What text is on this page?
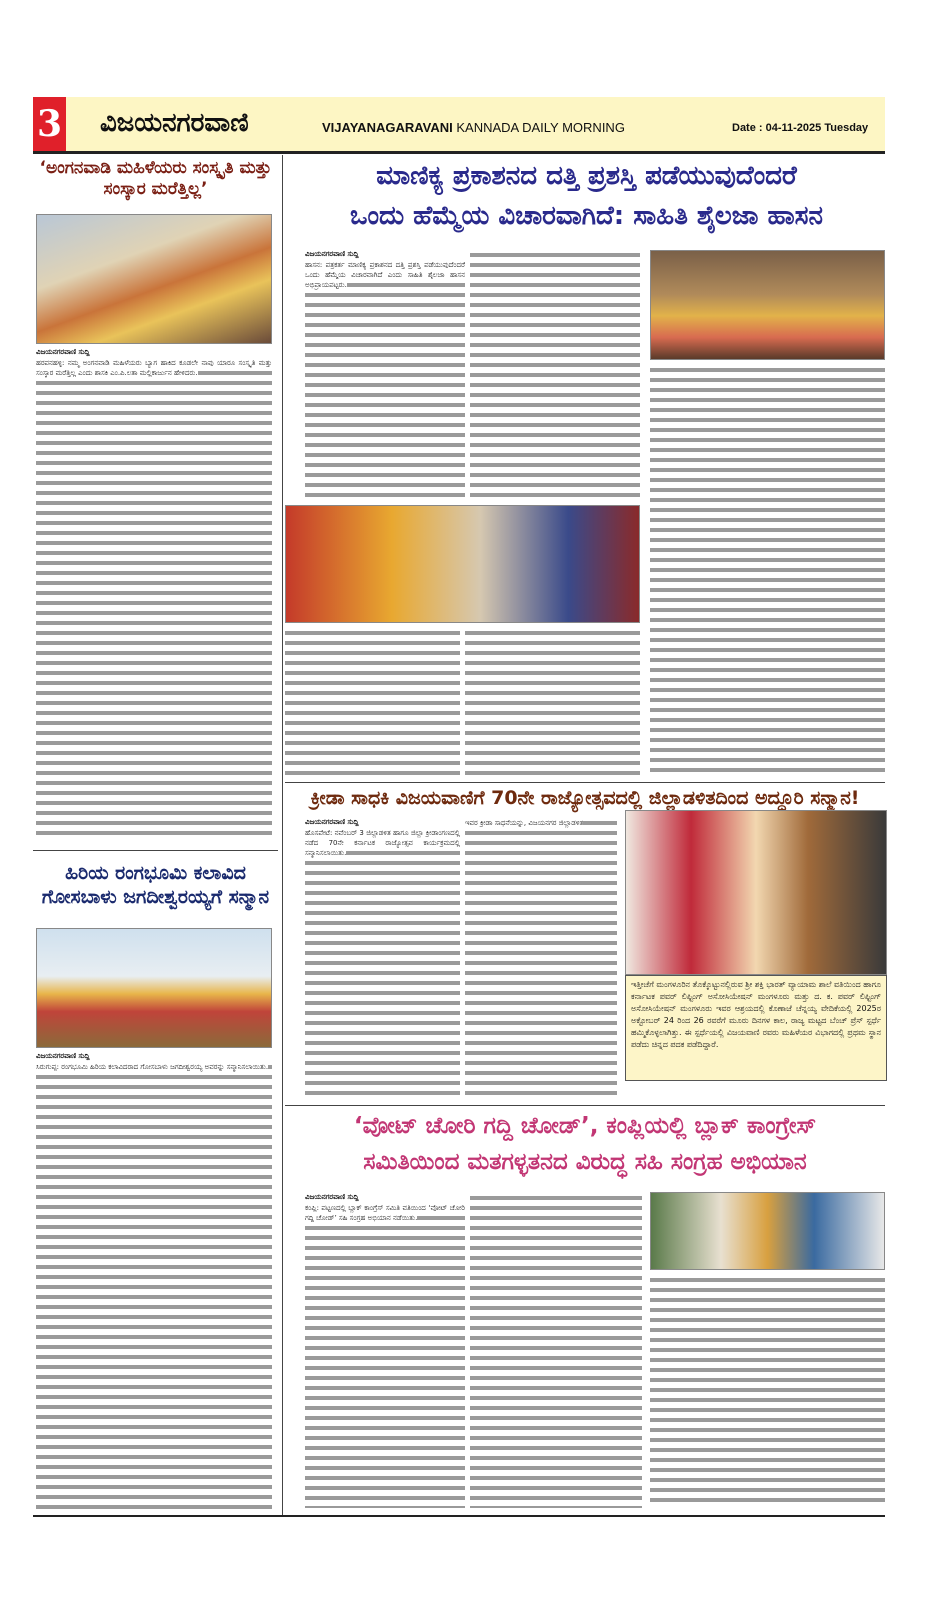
3 ವಿಜಯನಗರವಾಣಿ	VIJAYANAGARAVANI KANNADA DAILY MORNING	Date : 04-11-2025 Tuesday
‘ಅಂಗನವಾಡಿ ಮಹಿಳೆಯರು ಸಂಸ್ಕೃತಿ ಮತ್ತು ಸಂಸ್ಕಾರ ಮರೆತ್ತಿಲ್ಲ’
ವಿಜಯನಗರವಾಣಿ ಸುದ್ದಿ
ಹರಪನಹಳ್ಳಿ: ನಮ್ಮ ಅಂಗನವಾಡಿ ಮಹಿಳೆಯರು ಬ್ಯಾಗ ಹಾಕಿದ ಕೂಡಲೇ ನಾವು ಯಾರೂ ಸಂಸ್ಕೃತಿ ಮತ್ತು ಸಂಸ್ಕಾರ ಮರೆತ್ತಿಲ್ಲ ಎಂದು ಶಾಸಕಿ ಎಂ.ಪಿ.ಲತಾ ಮಲ್ಲಿಕಾರ್ಜುನ ಹೇಳಿದರು.
ಹಿರಿಯ ರಂಗಭೂಮಿ ಕಲಾವಿದ ಗೋಸಬಾಳು ಜಗದೀಶ್ವರಯ್ಯಗೆ ಸನ್ಮಾನ
ವಿಜಯನಗರವಾಣಿ ಸುದ್ದಿ
ಸಿರುಗುಪ್ಪ: ರಂಗಭೂಮಿ ಹಿರಿಯ ಕಲಾವಿದರಾದ ಗೋಸಬಾಳು ಜಗದೀಶ್ವರಯ್ಯ ಅವರನ್ನು ಸನ್ಮಾನಿಸಲಾಯಿತು.
ಮಾಣಿಕ್ಯ ಪ್ರಕಾಶನದ ದತ್ತಿ ಪ್ರಶಸ್ತಿ ಪಡೆಯುವುದೆಂದರೆ
ಒಂದು ಹೆಮ್ಮೆಯ ವಿಚಾರವಾಗಿದೆ: ಸಾಹಿತಿ ಶೈಲಜಾ ಹಾಸನ
ವಿಜಯನಗರವಾಣಿ ಸುದ್ದಿ
ಹಾಸನ: ಪತ್ರಕರ್ತ ಮಾಣಿಕ್ಯ ಪ್ರಕಾಶನದ ದತ್ತಿ ಪ್ರಶಸ್ತಿ ಪಡೆಯುವುದೆಂದರೆ ಒಂದು ಹೆಮ್ಮೆಯ ವಿಚಾರವಾಗಿದೆ ಎಂದು ಸಾಹಿತಿ ಶೈಲಜಾ ಹಾಸನ ಅಭಿಪ್ರಾಯಪಟ್ಟರು.
ಕ್ರೀಡಾ ಸಾಧಕಿ ವಿಜಯವಾಣಿಗೆ 70ನೇ ರಾಜ್ಯೋತ್ಸವದಲ್ಲಿ ಜಿಲ್ಲಾಡಳಿತದಿಂದ ಅದ್ದೂರಿ ಸನ್ಮಾನ!
ವಿಜಯನಗರವಾಣಿ ಸುದ್ದಿ
ಹೊಸಪೇಟೆ: ನವೆಂಬರ್ 3 ಜಿಲ್ಲಾಡಳಿತ ಹಾಗೂ ಜಿಲ್ಲಾ ಕ್ರೀಡಾಂಗಣದಲ್ಲಿ ನಡೆದ 70ನೇ ಕರ್ನಾಟಕ ರಾಜ್ಯೋತ್ಸವ ಕಾರ್ಯಕ್ರಮದಲ್ಲಿ ಸನ್ಮಾನಿಸಲಾಯಿತು.
ಇವರ ಕ್ರೀಡಾ ಸಾಧನೆಯನ್ನು, ವಿಜಯನಗರ ಜಿಲ್ಲಾಡಳಿತ
ಇತ್ತೀಚೆಗೆ ಮಂಗಳೂರಿನ ತೊಕ್ಕೊಟ್ಟುನಲ್ಲಿರುವ ಶ್ರೀ ಶಕ್ತಿ ಭಾರತ್ ವ್ಯಾಯಾಮ ಶಾಲೆ ವತಿಯಿಂದ ಹಾಗೂ ಕರ್ನಾಟಕ ಪವರ್ ಲಿಫ್ಟಿಂಗ್ ಅಸೋಸಿಯೇಷನ್ ಮಂಗಳೂರು ಮತ್ತು ದ. ಕ. ಪವರ್ ಲಿಫ್ಟಿಂಗ್ ಅಸೋಸಿಯೇಷನ್ ಮಂಗಳೂರು ಇವರ ಆಶ್ರಯದಲ್ಲಿ ಕೊಣಾಜೆ ಚೆನ್ನಯ್ಯ ವೇದಿಕೆಯಲ್ಲಿ 2025ರ ಅಕ್ಟೋಬರ್ 24 ರಿಂದ 26 ರವರೆಗೆ ಮೂರು ದಿನಗಳ ಕಾಲ, ರಾಜ್ಯ ಮಟ್ಟದ ಬೆಂಚ್ ಪ್ರೆಸ್ ಸ್ಪರ್ಧೆ ಹಮ್ಮಿಕೊಳ್ಳಲಾಗಿತ್ತು. ಈ ಸ್ಪರ್ಧೆಯಲ್ಲಿ ವಿಜಯವಾಣಿ ರವರು ಮಹಿಳೆಯರ ವಿಭಾಗದಲ್ಲಿ ಪ್ರಥಮ ಸ್ಥಾನ ಪಡೆದು ಚಿನ್ನದ ಪದಕ ಪಡೆದಿದ್ದಾರೆ.
‘ವೋಟ್ ಚೋರಿ ಗದ್ದಿ ಚೋಡ್’, ಕಂಪ್ಲಿಯಲ್ಲಿ ಬ್ಲಾಕ್ ಕಾಂಗ್ರೇಸ್
ಸಮಿತಿಯಿಂದ ಮತಗಳ್ಳತನದ ವಿರುದ್ಧ ಸಹಿ ಸಂಗ್ರಹ ಅಭಿಯಾನ
ವಿಜಯನಗರವಾಣಿ ಸುದ್ದಿ
ಕಂಪ್ಲಿ: ಪಟ್ಟಣದಲ್ಲಿ ಬ್ಲಾಕ್ ಕಾಂಗ್ರೆಸ್ ಸಮಿತಿ ವತಿಯಿಂದ ‘ವೋಟ್ ಚೋರಿ ಗದ್ದಿ ಚೋಡ್’ ಸಹಿ ಸಂಗ್ರಹ ಅಭಿಯಾನ ನಡೆಯಿತು.
